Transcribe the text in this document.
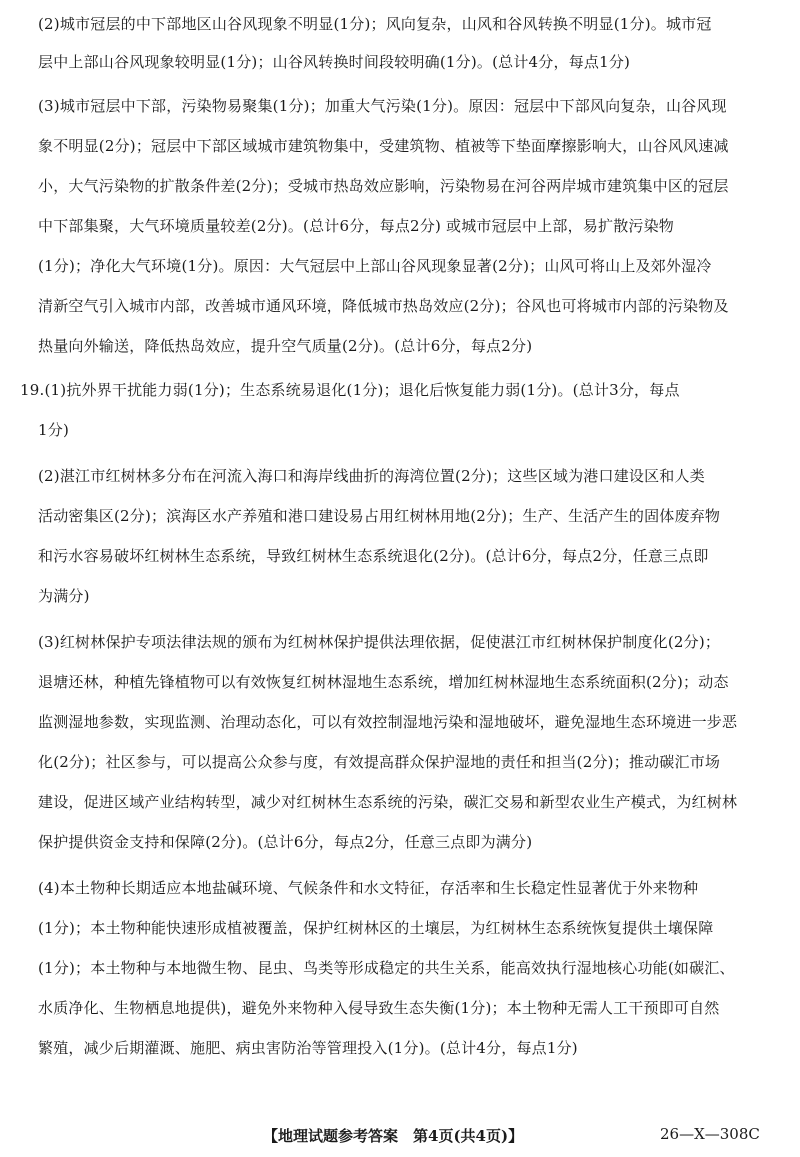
(2)城市冠层的中下部地区山谷风现象不明显(1分)；风向复杂，山风和谷风转换不明显(1分)。城市冠
层中上部山谷风现象较明显(1分)；山谷风转换时间段较明确(1分)。(总计4分，每点1分)
(3)城市冠层中下部，污染物易聚集(1分)；加重大气污染(1分)。原因：冠层中下部风向复杂，山谷风现
象不明显(2分)；冠层中下部区域城市建筑物集中，受建筑物、植被等下垫面摩擦影响大，山谷风风速减
小，大气污染物的扩散条件差(2分)；受城市热岛效应影响，污染物易在河谷两岸城市建筑集中区的冠层
中下部集聚，大气环境质量较差(2分)。(总计6分，每点2分) 或城市冠层中上部，易扩散污染物
(1分)；净化大气环境(1分)。原因：大气冠层中上部山谷风现象显著(2分)；山风可将山上及郊外湿冷
清新空气引入城市内部，改善城市通风环境，降低城市热岛效应(2分)；谷风也可将城市内部的污染物及
热量向外输送，降低热岛效应，提升空气质量(2分)。(总计6分，每点2分)
19.(1)抗外界干扰能力弱(1分)；生态系统易退化(1分)；退化后恢复能力弱(1分)。(总计3分，每点
1分)
(2)湛江市红树林多分布在河流入海口和海岸线曲折的海湾位置(2分)；这些区域为港口建设区和人类
活动密集区(2分)；滨海区水产养殖和港口建设易占用红树林用地(2分)；生产、生活产生的固体废弃物
和污水容易破坏红树林生态系统，导致红树林生态系统退化(2分)。(总计6分，每点2分，任意三点即
为满分)
(3)红树林保护专项法律法规的颁布为红树林保护提供法理依据，促使湛江市红树林保护制度化(2分)；
退塘还林，种植先锋植物可以有效恢复红树林湿地生态系统，增加红树林湿地生态系统面积(2分)；动态
监测湿地参数，实现监测、治理动态化，可以有效控制湿地污染和湿地破坏，避免湿地生态环境进一步恶
化(2分)；社区参与，可以提高公众参与度，有效提高群众保护湿地的责任和担当(2分)；推动碳汇市场
建设，促进区域产业结构转型，减少对红树林生态系统的污染，碳汇交易和新型农业生产模式，为红树林
保护提供资金支持和保障(2分)。(总计6分，每点2分，任意三点即为满分)
(4)本土物种长期适应本地盐碱环境、气候条件和水文特征，存活率和生长稳定性显著优于外来物种
(1分)；本土物种能快速形成植被覆盖，保护红树林区的土壤层，为红树林生态系统恢复提供土壤保障
(1分)；本土物种与本地微生物、昆虫、鸟类等形成稳定的共生关系，能高效执行湿地核心功能(如碳汇、
水质净化、生物栖息地提供)，避免外来物种入侵导致生态失衡(1分)；本土物种无需人工干预即可自然
繁殖，减少后期灌溉、施肥、病虫害防治等管理投入(1分)。(总计4分，每点1分)
【地理试题参考答案　第4页(共4页)】	26—X—308C
